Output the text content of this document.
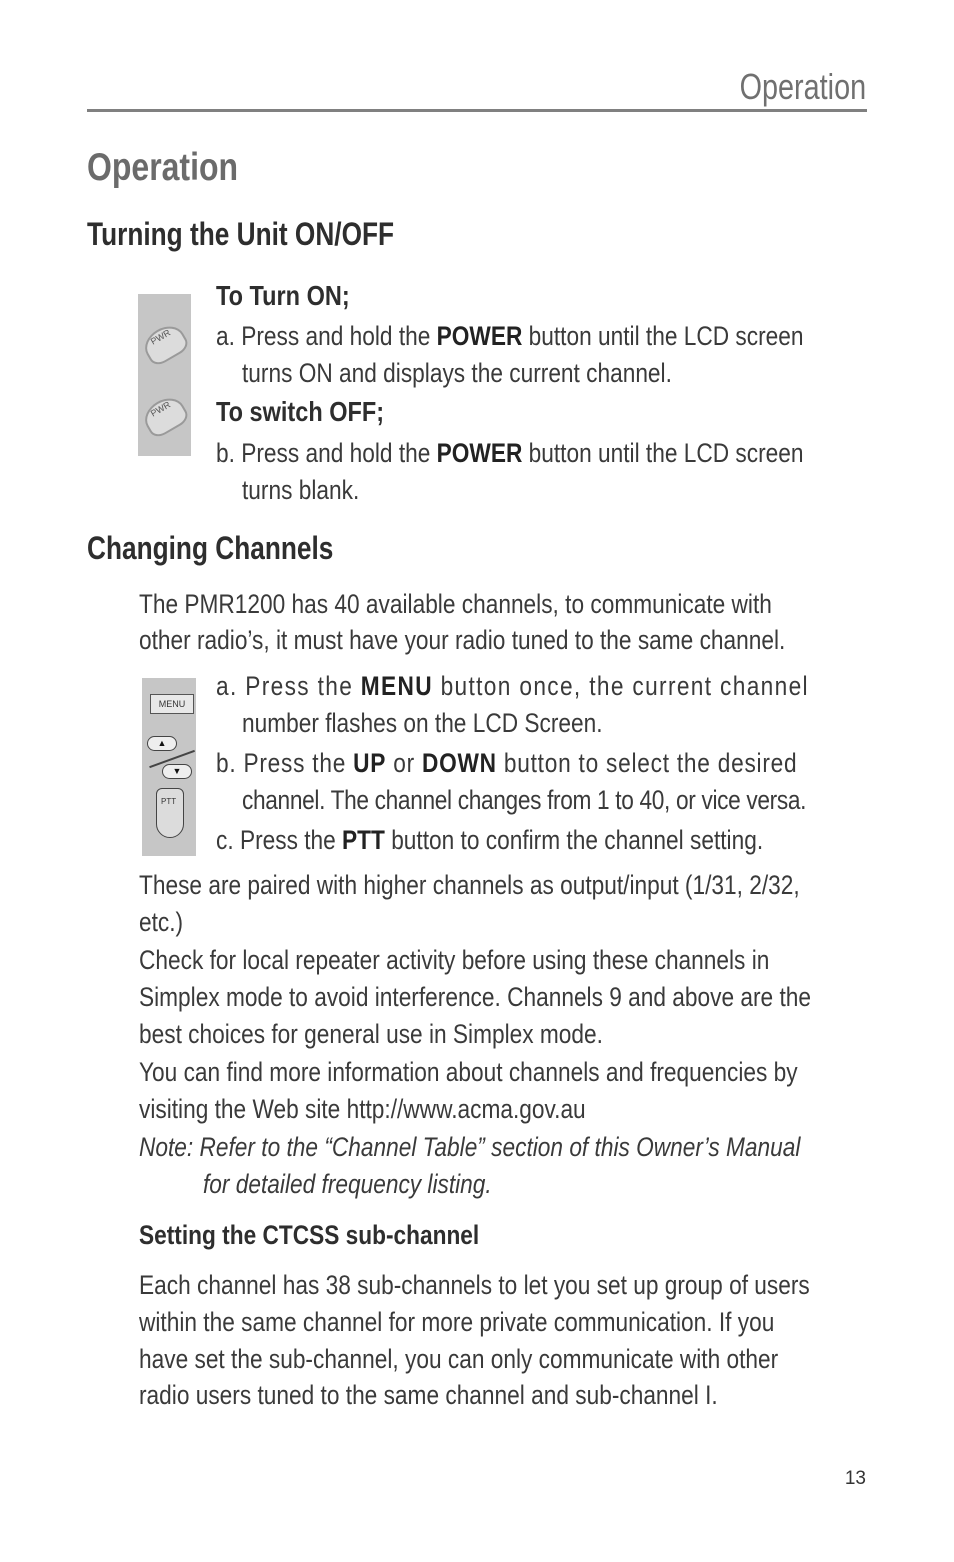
Operation
Operation
Turning the Unit ON/OFF
PWR
PWR
To Turn ON;
a. Press and hold the POWER button until the LCD screen
turns ON and displays the current channel.
To switch OFF;
b. Press and hold the POWER button until the LCD screen
turns blank.
Changing Channels
The PMR1200 has 40 available channels, to communicate with
other radio’s, it must have your radio tuned to the same channel.
MENU
▲
▼
PTT
a. Press the MENU button once, the current channel
number flashes on the LCD Screen.
b. Press the UP or DOWN button to select the desired
channel. The channel changes from 1 to 40, or vice versa.
c. Press the PTT button to confirm the channel setting.
These are paired with higher channels as output/input (1/31, 2/32,
etc.)
Check for local repeater activity before using these channels in
Simplex mode to avoid interference. Channels 9 and above are the
best choices for general use in Simplex mode.
You can find more information about channels and frequencies by
visiting the Web site http://www.acma.gov.au
Note: Refer to the “Channel Table” section of this Owner’s Manual
for detailed frequency listing.
Setting the CTCSS sub-channel
Each channel has 38 sub-channels to let you set up group of users
within the same channel for more private communication. If you
have set the sub-channel, you can only communicate with other
radio users tuned to the same channel and sub-channel I.
13
